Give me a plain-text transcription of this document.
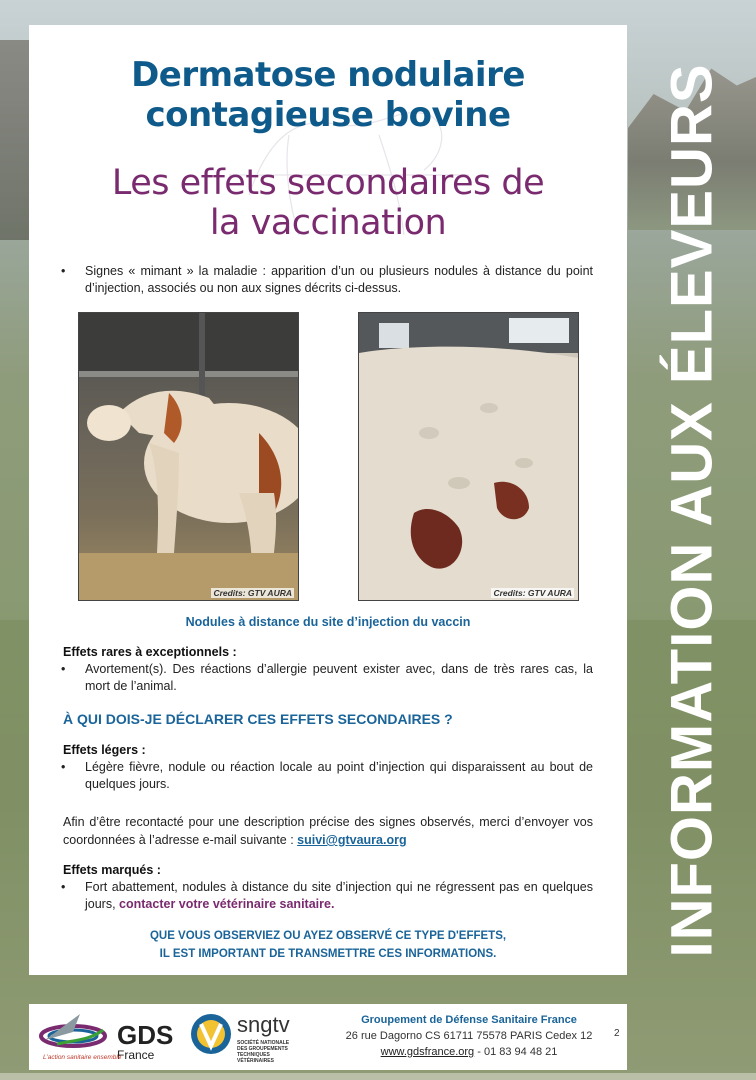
INFORMATION AUX ÉLEVEURS
Dermatose nodulaire
contagieuse bovine
Les effets secondaires de
la vaccination
• Signes « mimant » la maladie : apparition d’un ou plusieurs nodules à distance du point d’injection, associés ou non aux signes décrits ci-dessus.
Credits: GTV AURA	Credits: GTV AURA
Nodules à distance du site d’injection du vaccin
Effets rares à exceptionnels :
• Avortement(s). Des réactions d’allergie peuvent exister avec, dans de très rares cas, la mort de l’animal.
À QUI DOIS-JE DÉCLARER CES EFFETS SECONDAIRES ?
Effets légers :
• Légère fièvre, nodule ou réaction locale au point d’injection qui disparaissent au bout de quelques jours.
Afin d’être recontacté pour une description précise des signes observés, merci d’envoyer vos coordonnées à l’adresse e-mail suivante : suivi@gtvaura.org
Effets marqués :
• Fort abattement, nodules à distance du site d’injection qui ne régressent pas en quelques jours, contacter votre vétérinaire sanitaire.
QUE VOUS OBSERVIEZ OU AYEZ OBSERVÉ CE TYPE D'EFFETS,
IL EST IMPORTANT DE TRANSMETTRE CES INFORMATIONS.
GDS
France
L’action sanitaire ensemble
sngtv
SOCIÉTÉ NATIONALE DES GROUPEMENTS TECHNIQUES VÉTÉRINAIRES
Groupement de Défense Sanitaire France
26 rue Dagorno CS 61711 75578 PARIS Cedex 12
www.gdsfrance.org - 01 83 94 48 21
2
